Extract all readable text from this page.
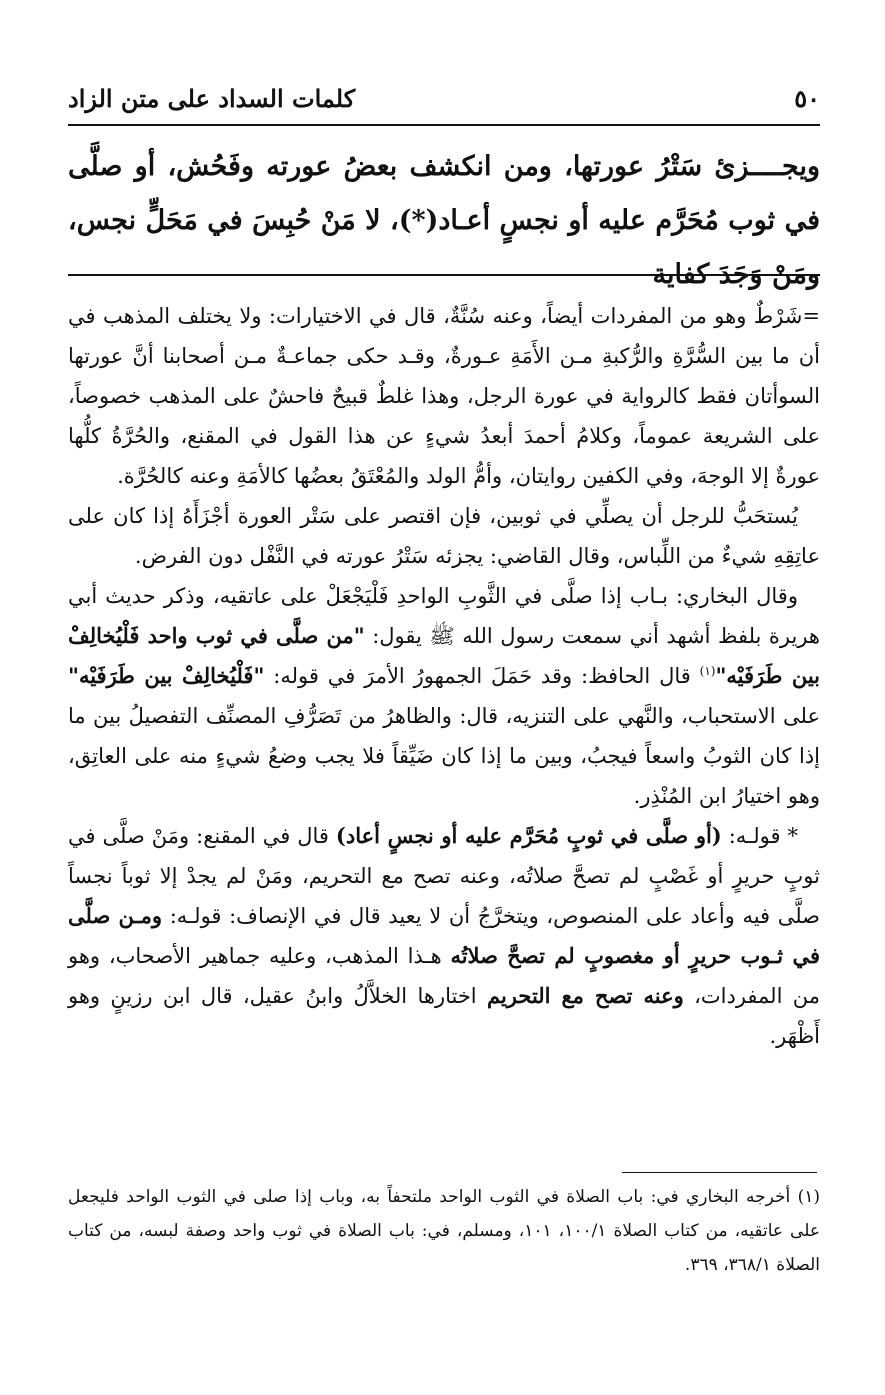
٥٠
كلمات السداد على متن الزاد

ويجــــزئ سَتْرُ عورتها، ومن انكشف بعضُ عورته وفَحُش، أو صلَّى في ثوب مُحَرَّم عليه أو نجسٍ أعـاد(*)، لا مَنْ حُبِسَ في مَحَلٍّ نجس، ومَنْ وَجَدَ كفاية

=شَرْطٌ وهو من المفردات أيضاً، وعنه سُنَّةٌ، قال في الاختيارات: ولا يختلف المذهب في أن ما بين السُّرَّةِ والرُّكبةِ مـن الأَمَةِ عـورةٌ، وقـد حكى جماعـةٌ مـن أصحابنا أنَّ عورتها السوأتان فقط كالرواية في عورة الرجل، وهذا غلطٌ قبيحٌ فاحشٌ على المذهب خصوصاً، على الشريعة عموماً، وكلامُ أحمدَ أبعدُ شيءٍ عن هذا القول في المقنع، والحُرَّةُ كلُّها عورةٌ إلا الوجهَ، وفي الكفين روايتان، وأمُّ الولد والمُعْتَقُ بعضُها كالأمَةِ وعنه كالحُرَّة.

يُستحَبُّ للرجل أن يصلِّي في ثوبين، فإن اقتصر على سَتْر العورة أجْزَأَهُ إذا كان على عاتِقِهِ شيءٌ من اللِّباس، وقال القاضي: يجزئه سَتْرُ عورته في النَّفْل دون الفرض.

وقال البخاري: بـاب إذا صلَّى في الثَّوبِ الواحدِ فَلْيَجْعَلْ على عاتقيه، وذكر حديث أبي هريرة بلفظ أشهد أني سمعت رسول الله ﷺ يقول: "من صلَّى في ثوب واحد فَلْيُخالِفْ بين طَرَفَيْه"$^{(١)}$ قال الحافظ: وقد حَمَلَ الجمهورُ الأمرَ في قوله: "فَلْيُخالِفْ بين طَرَفَيْه" على الاستحباب، والنَّهي على التنزيه، قال: والظاهرُ من تَصَرُّفِ المصنِّف التفصيلُ بين ما إذا كان الثوبُ واسعاً فيجبُ، وبين ما إذا كان ضَيِّقاً فلا يجب وضعُ شيءٍ منه على العاتِق، وهو اختيارُ ابن المُنْذِر.

* قولـه: (أو صلَّى في ثوبٍ مُحَرَّم عليه أو نجسٍ أعاد) قال في المقنع: ومَنْ صلَّى في ثوبٍ حريرٍ أو غَصْبٍ لم تصحَّ صلاتُه، وعنه تصح مع التحريم، ومَنْ لم يجدْ إلا ثوباً نجساً صلَّى فيه وأعاد على المنصوص، ويتخرَّجُ أن لا يعيد قال في الإنصاف: قولـه: ومـن صلَّى في ثـوب حريرٍ أو مغصوبٍ لم تصحَّ صلاتُه هـذا المذهب، وعليه جماهير الأصحاب، وهو من المفردات، وعنه تصح مع التحريم اختارها الخلاَّلُ وابنُ عقيل، قال ابن رزينٍ وهو أَظْهَر.

(١) أخرجه البخاري في: باب الصلاة في الثوب الواحد ملتحفاً به، وباب إذا صلى في الثوب الواحد فليجعل على عاتقيه، من كتاب الصلاة ١٠٠/١، ١٠١، ومسلم، في: باب الصلاة في ثوب واحد وصفة لبسه، من كتاب الصلاة ٣٦٨/١، ٣٦٩.
